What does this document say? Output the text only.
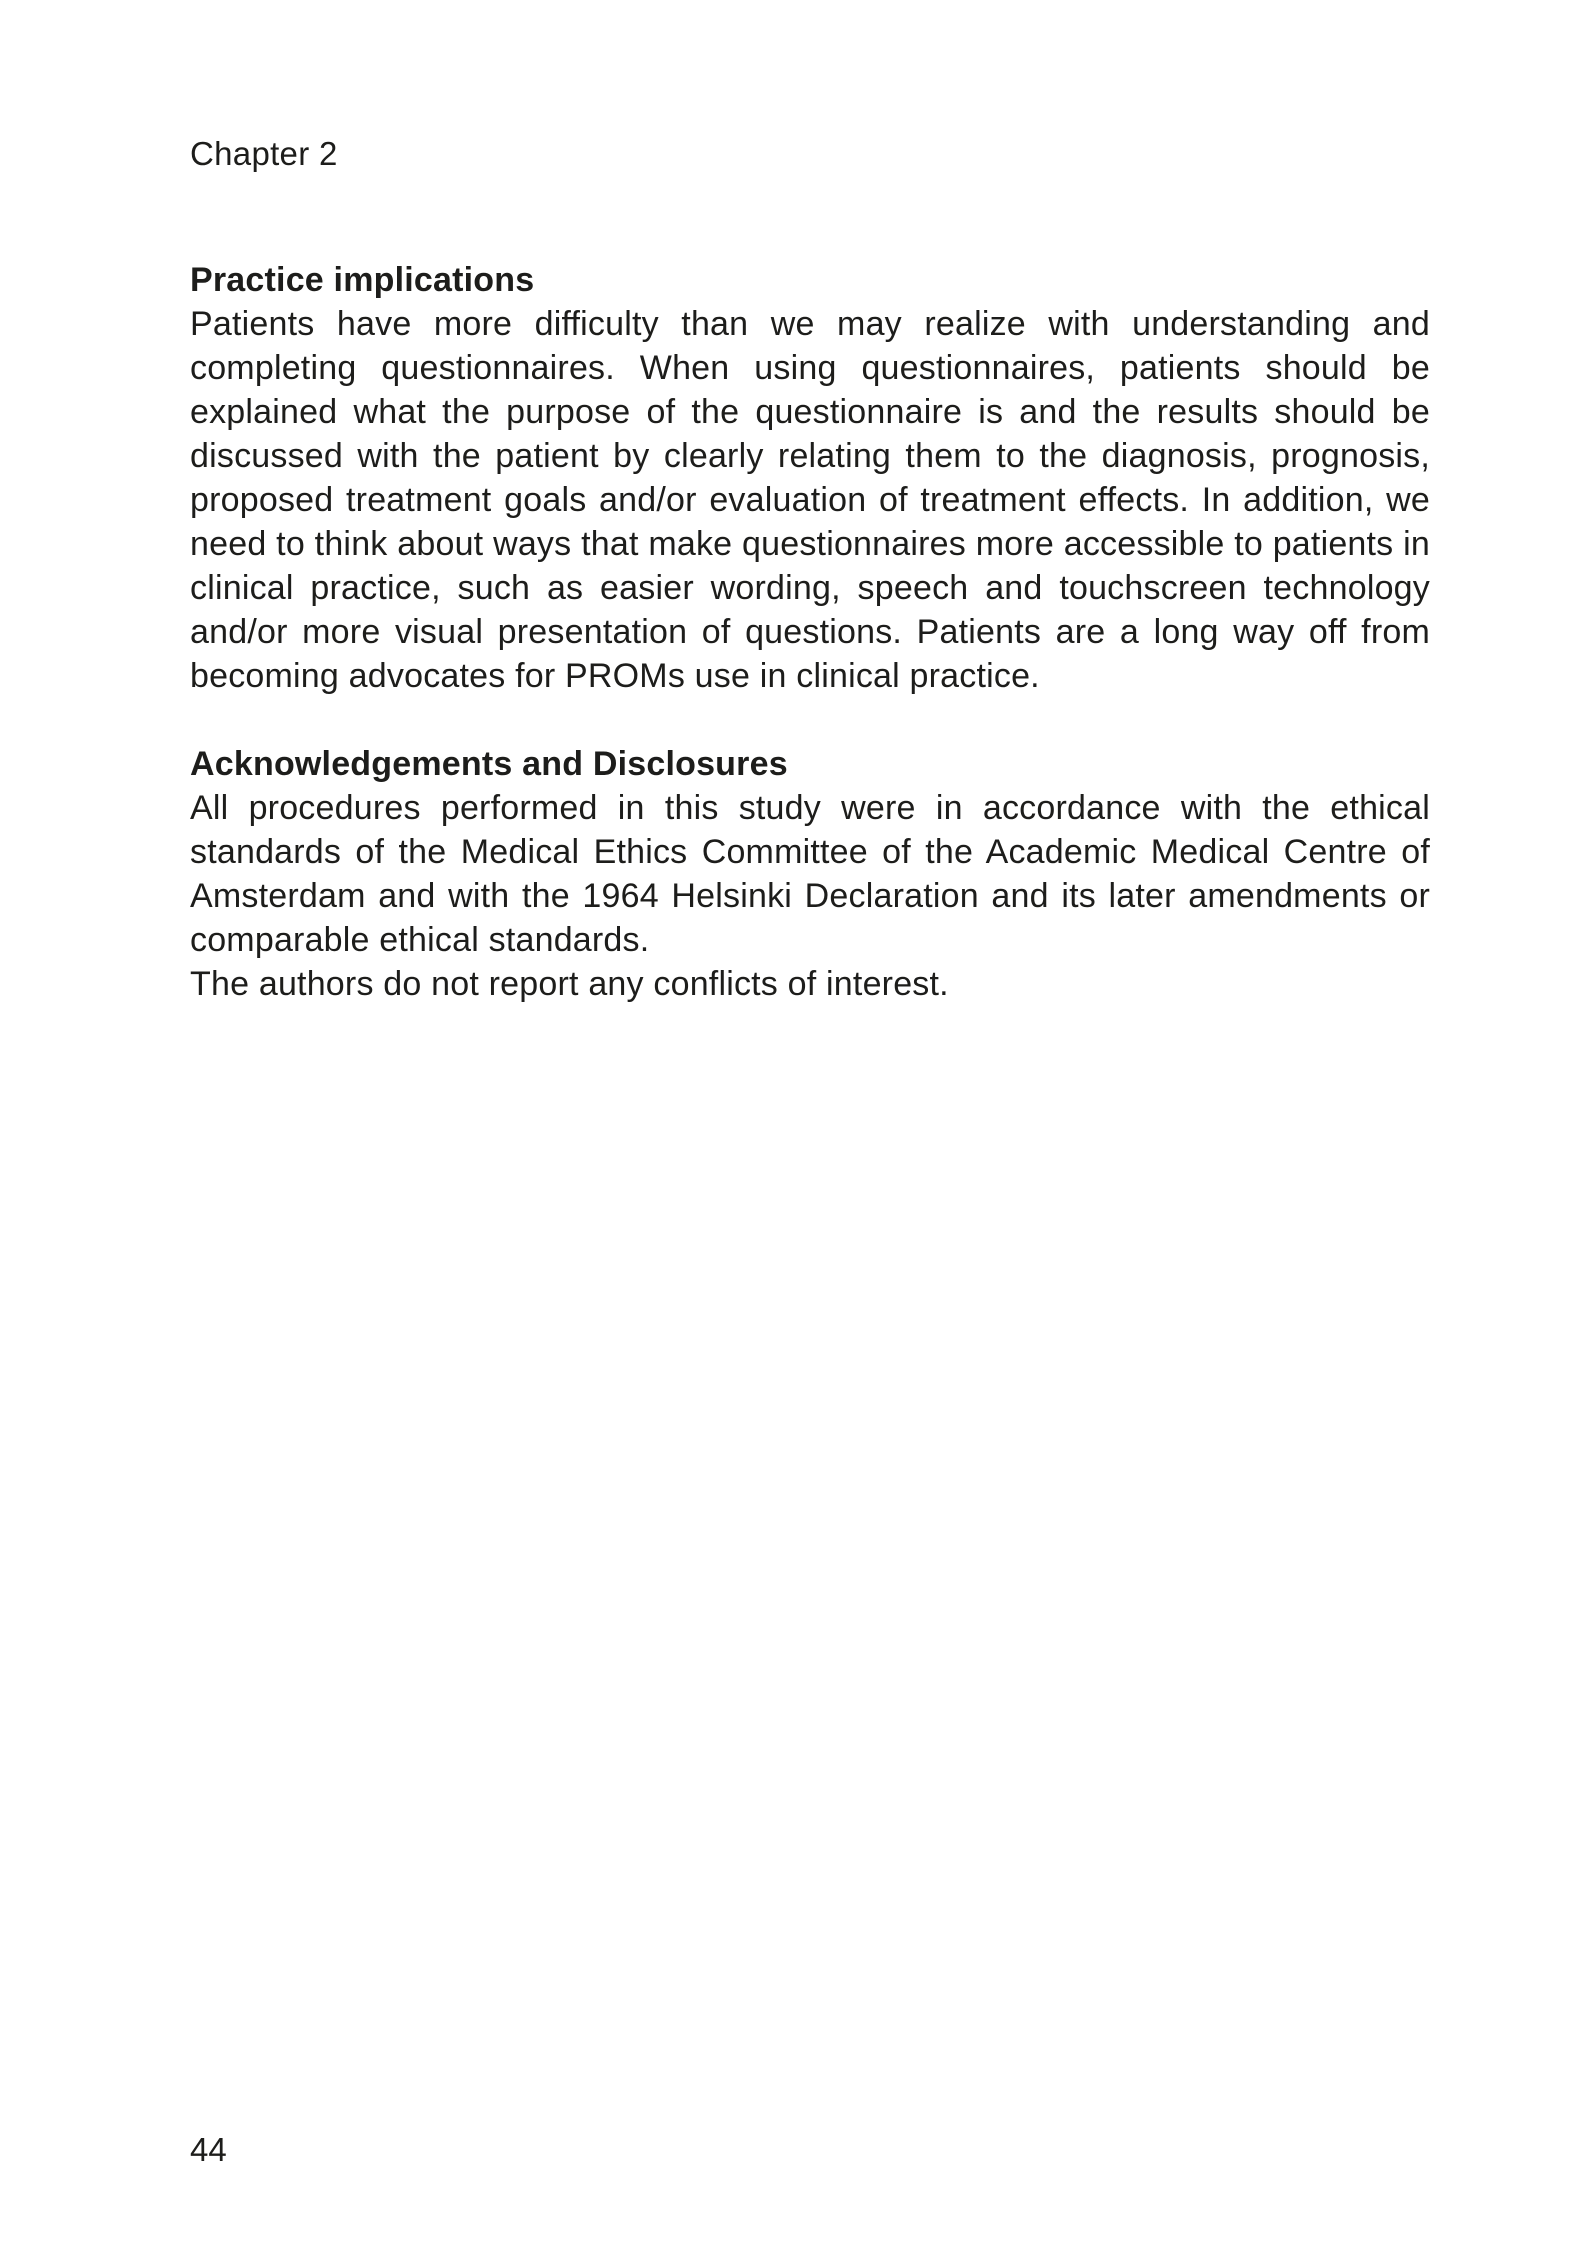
Chapter 2
Practice implications

Patients have more difficulty than we may realize with understanding and completing questionnaires. When using questionnaires, patients should be explained what the purpose of the questionnaire is and the results should be discussed with the patient by clearly relating them to the diagnosis, prognosis, proposed treatment goals and/or evaluation of treatment effects. In addition, we need to think about ways that make questionnaires more accessible to patients in clinical practice, such as easier wording, speech and touchscreen technology and/or more visual presentation of questions. Patients are a long way off from becoming advocates for PROMs use in clinical practice.

Acknowledgements and Disclosures

All procedures performed in this study were in accordance with the ethical standards of the Medical Ethics Committee of the Academic Medical Centre of Amsterdam and with the 1964 Helsinki Declaration and its later amendments or comparable ethical standards.

The authors do not report any conflicts of interest.

44
